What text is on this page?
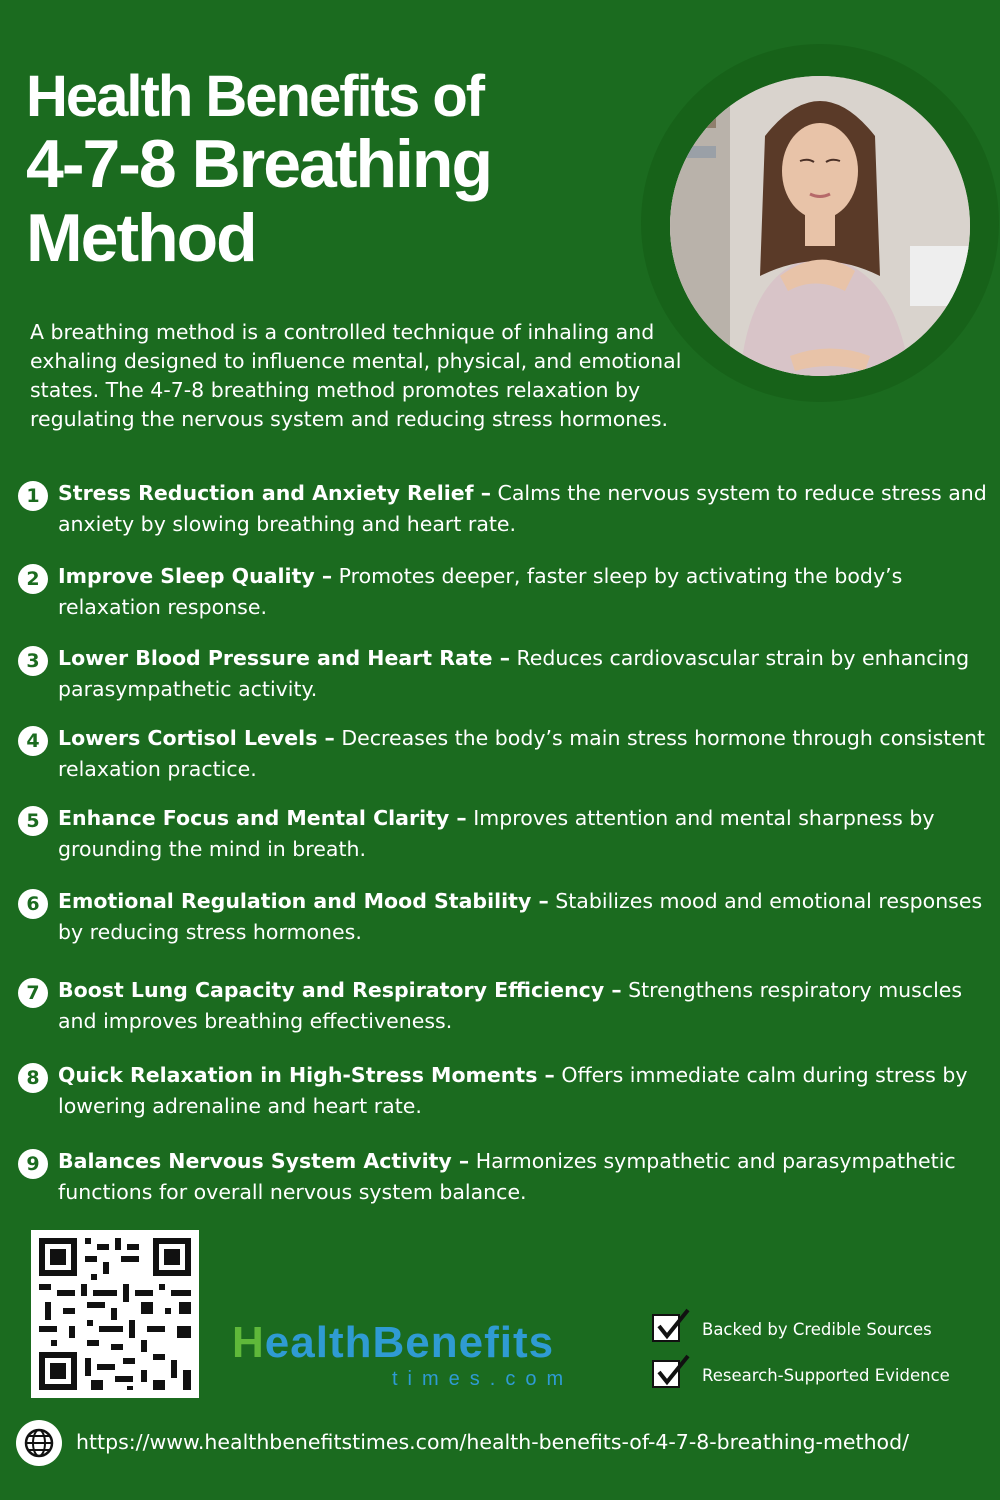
Health Benefits of
4-7-8 Breathing
Method
A breathing method is a controlled technique of inhaling and exhaling designed to influence mental, physical, and emotional states. The 4-7-8 breathing method promotes relaxation by regulating the nervous system and reducing stress hormones.
1 Stress Reduction and Anxiety Relief – Calms the nervous system to reduce stress and anxiety by slowing breathing and heart rate.
2 Improve Sleep Quality – Promotes deeper, faster sleep by activating the body’s relaxation response.
3 Lower Blood Pressure and Heart Rate – Reduces cardiovascular strain by enhancing parasympathetic activity.
4 Lowers Cortisol Levels – Decreases the body’s main stress hormone through consistent relaxation practice.
5 Enhance Focus and Mental Clarity – Improves attention and mental sharpness by grounding the mind in breath.
6 Emotional Regulation and Mood Stability – Stabilizes mood and emotional responses by reducing stress hormones.
7 Boost Lung Capacity and Respiratory Efficiency – Strengthens respiratory muscles and improves breathing effectiveness.
8 Quick Relaxation in High-Stress Moments – Offers immediate calm during stress by lowering adrenaline and heart rate.
9 Balances Nervous System Activity – Harmonizes sympathetic and parasympathetic functions for overall nervous system balance.
HealthBenefits
times.com
Backed by Credible Sources
Research-Supported Evidence
https://www.healthbenefitstimes.com/health-benefits-of-4-7-8-breathing-method/
